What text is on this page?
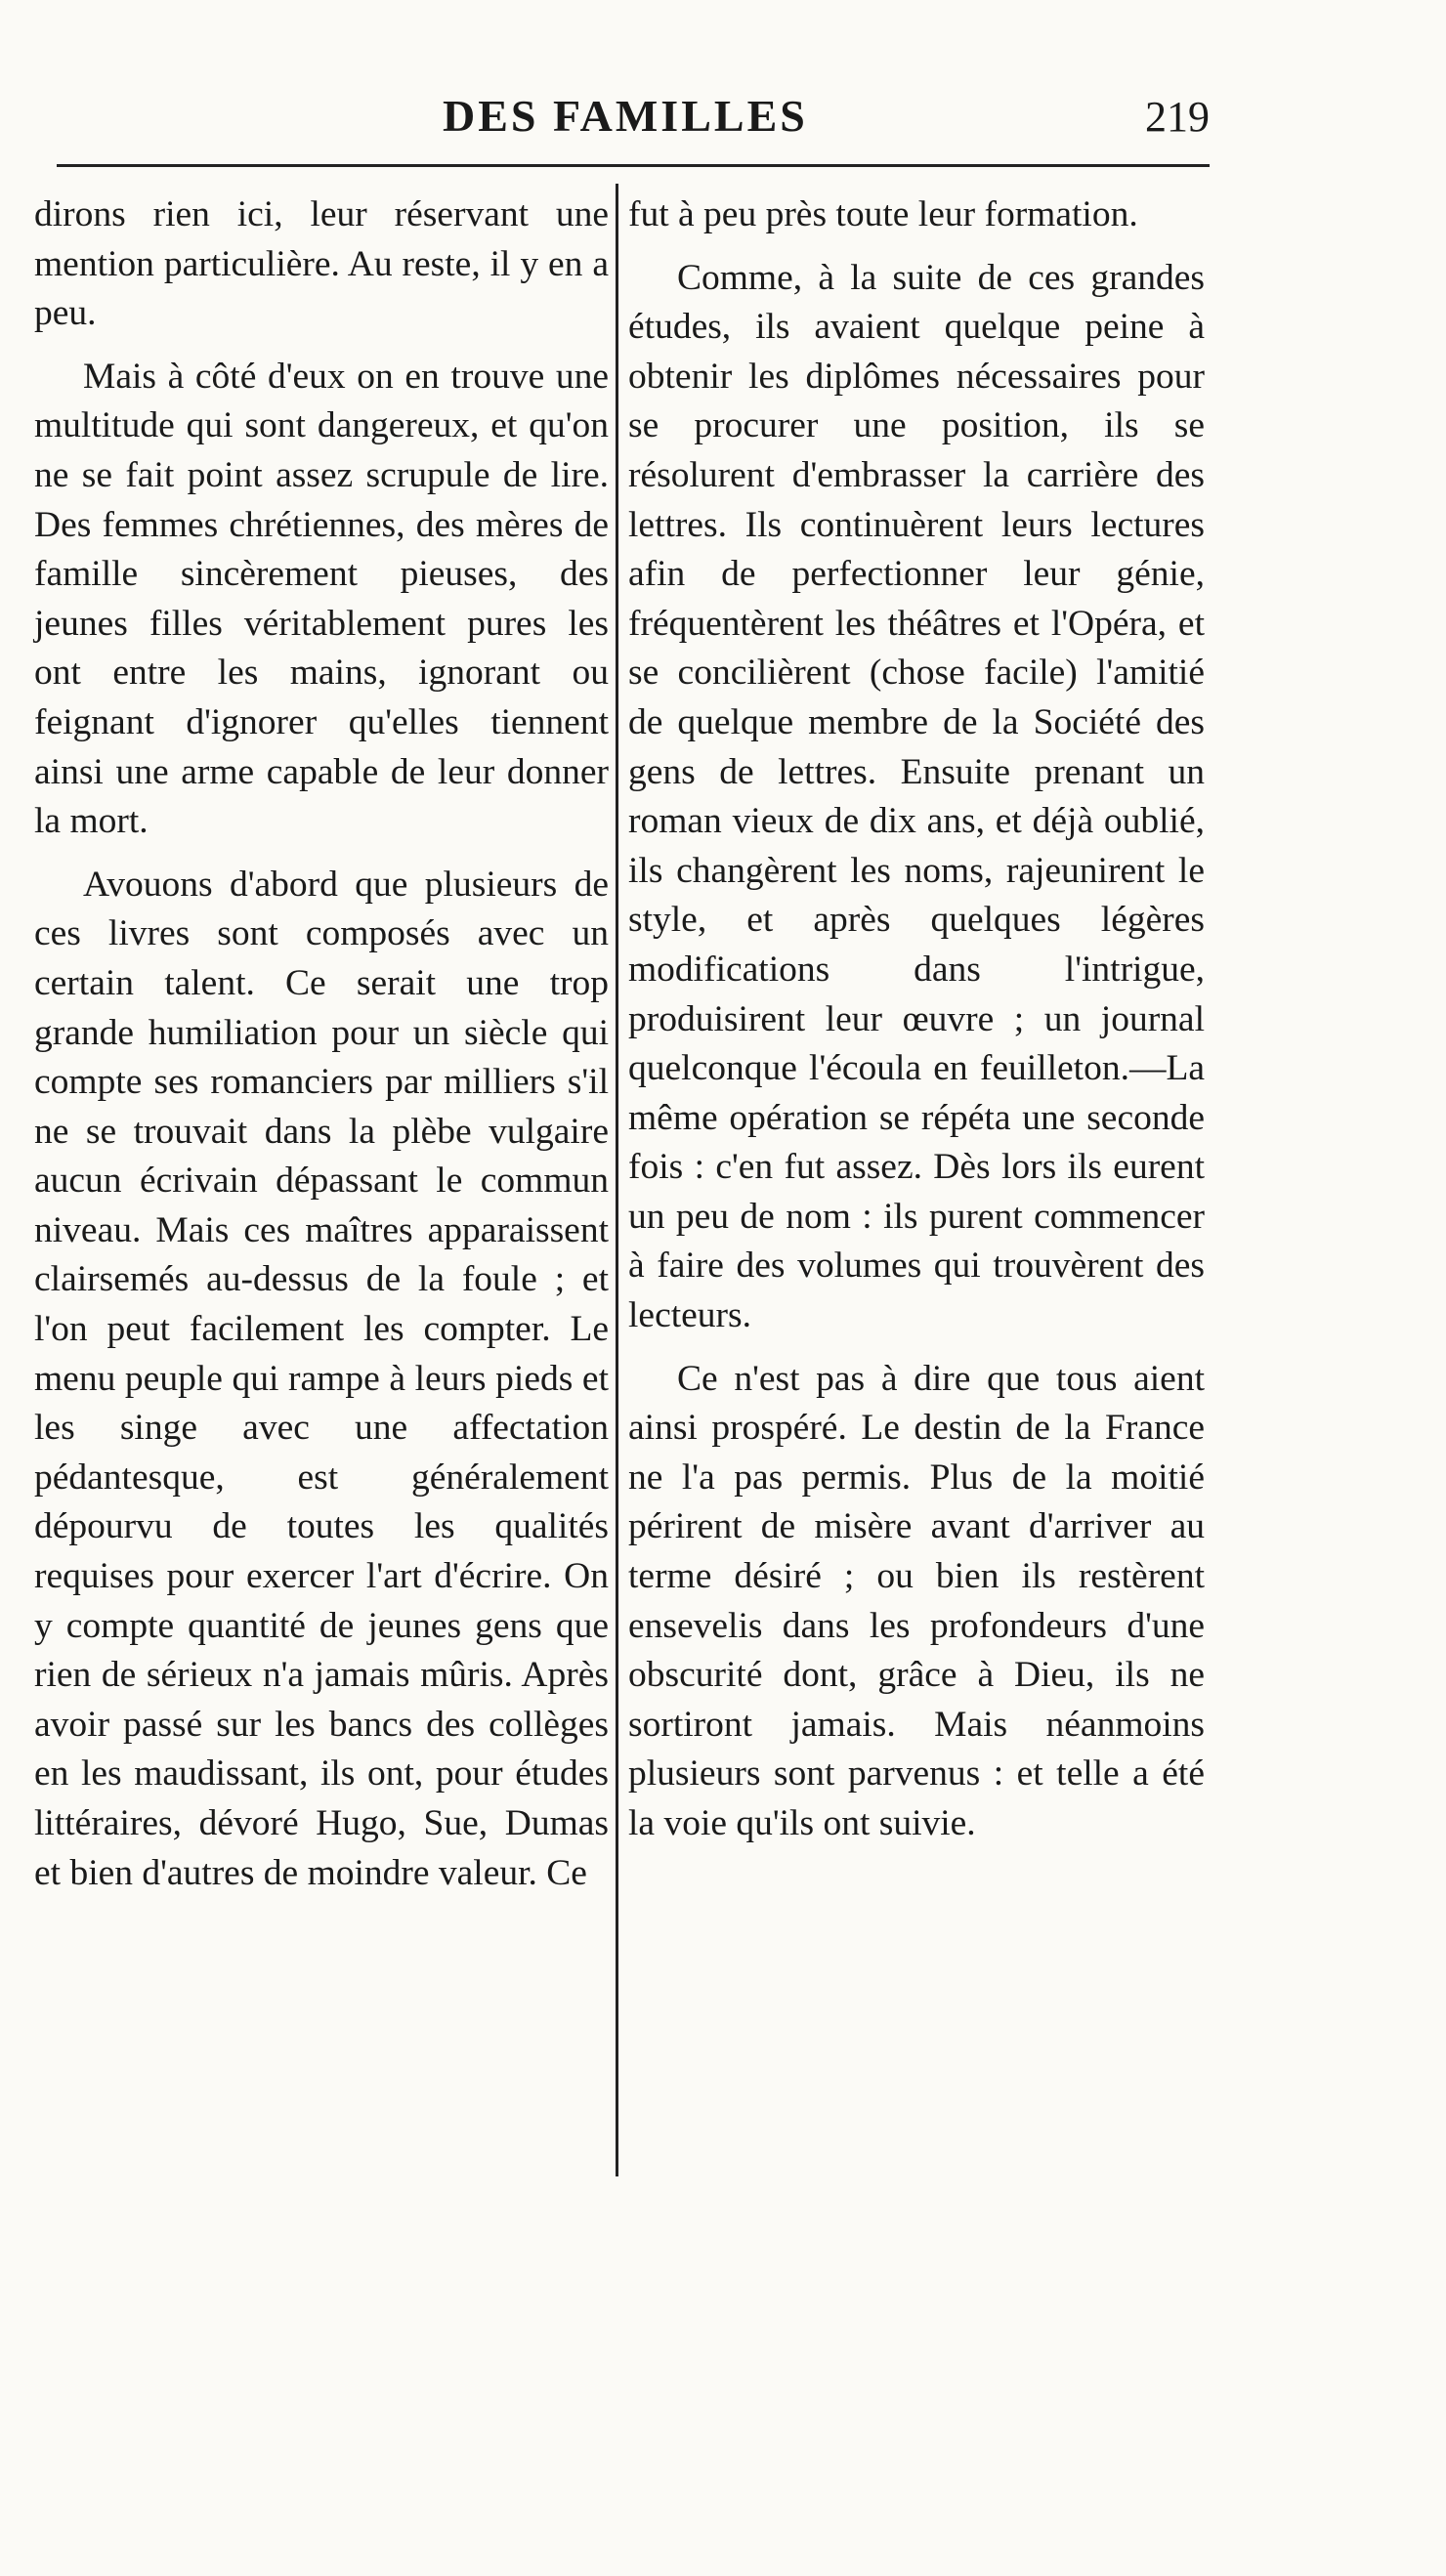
DES FAMILLES	219

dirons rien ici, leur réservant une mention particulière. Au reste, il y en a peu.

Mais à côté d'eux on en trouve une multitude qui sont dangereux, et qu'on ne se fait point assez scrupule de lire. Des femmes chrétiennes, des mères de famille sincèrement pieuses, des jeunes filles véritablement pures les ont entre les mains, ignorant ou feignant d'ignorer qu'elles tiennent ainsi une arme capable de leur donner la mort.

Avouons d'abord que plusieurs de ces livres sont composés avec un certain talent. Ce serait une trop grande humiliation pour un siècle qui compte ses romanciers par milliers s'il ne se trouvait dans la plèbe vulgaire aucun écrivain dépassant le commun niveau. Mais ces maîtres apparaissent clairsemés au-dessus de la foule ; et l'on peut facilement les compter. Le menu peuple qui rampe à leurs pieds et les singe avec une affectation pédantesque, est généralement dépourvu de toutes les qualités requises pour exercer l'art d'écrire. On y compte quantité de jeunes gens que rien de sérieux n'a jamais mûris. Après avoir passé sur les bancs des collèges en les maudissant, ils ont, pour études littéraires, dévoré Hugo, Sue, Dumas et bien d'autres de moindre valeur. Ce

fut à peu près toute leur formation.

Comme, à la suite de ces grandes études, ils avaient quelque peine à obtenir les diplômes nécessaires pour se procurer une position, ils se résolurent d'embrasser la carrière des lettres. Ils continuèrent leurs lectures afin de perfectionner leur génie, fréquentèrent les théâtres et l'Opéra, et se concilièrent (chose facile) l'amitié de quelque membre de la Société des gens de lettres. Ensuite prenant un roman vieux de dix ans, et déjà oublié, ils changèrent les noms, rajeunirent le style, et après quelques légères modifications dans l'intrigue, produisirent leur œuvre ; un journal quelconque l'écoula en feuilleton.—La même opération se répéta une seconde fois : c'en fut assez. Dès lors ils eurent un peu de nom : ils purent commencer à faire des volumes qui trouvèrent des lecteurs.

Ce n'est pas à dire que tous aient ainsi prospéré. Le destin de la France ne l'a pas permis. Plus de la moitié périrent de misère avant d'arriver au terme désiré ; ou bien ils restèrent ensevelis dans les profondeurs d'une obscurité dont, grâce à Dieu, ils ne sortiront jamais. Mais néanmoins plusieurs sont parvenus : et telle a été la voie qu'ils ont suivie.
